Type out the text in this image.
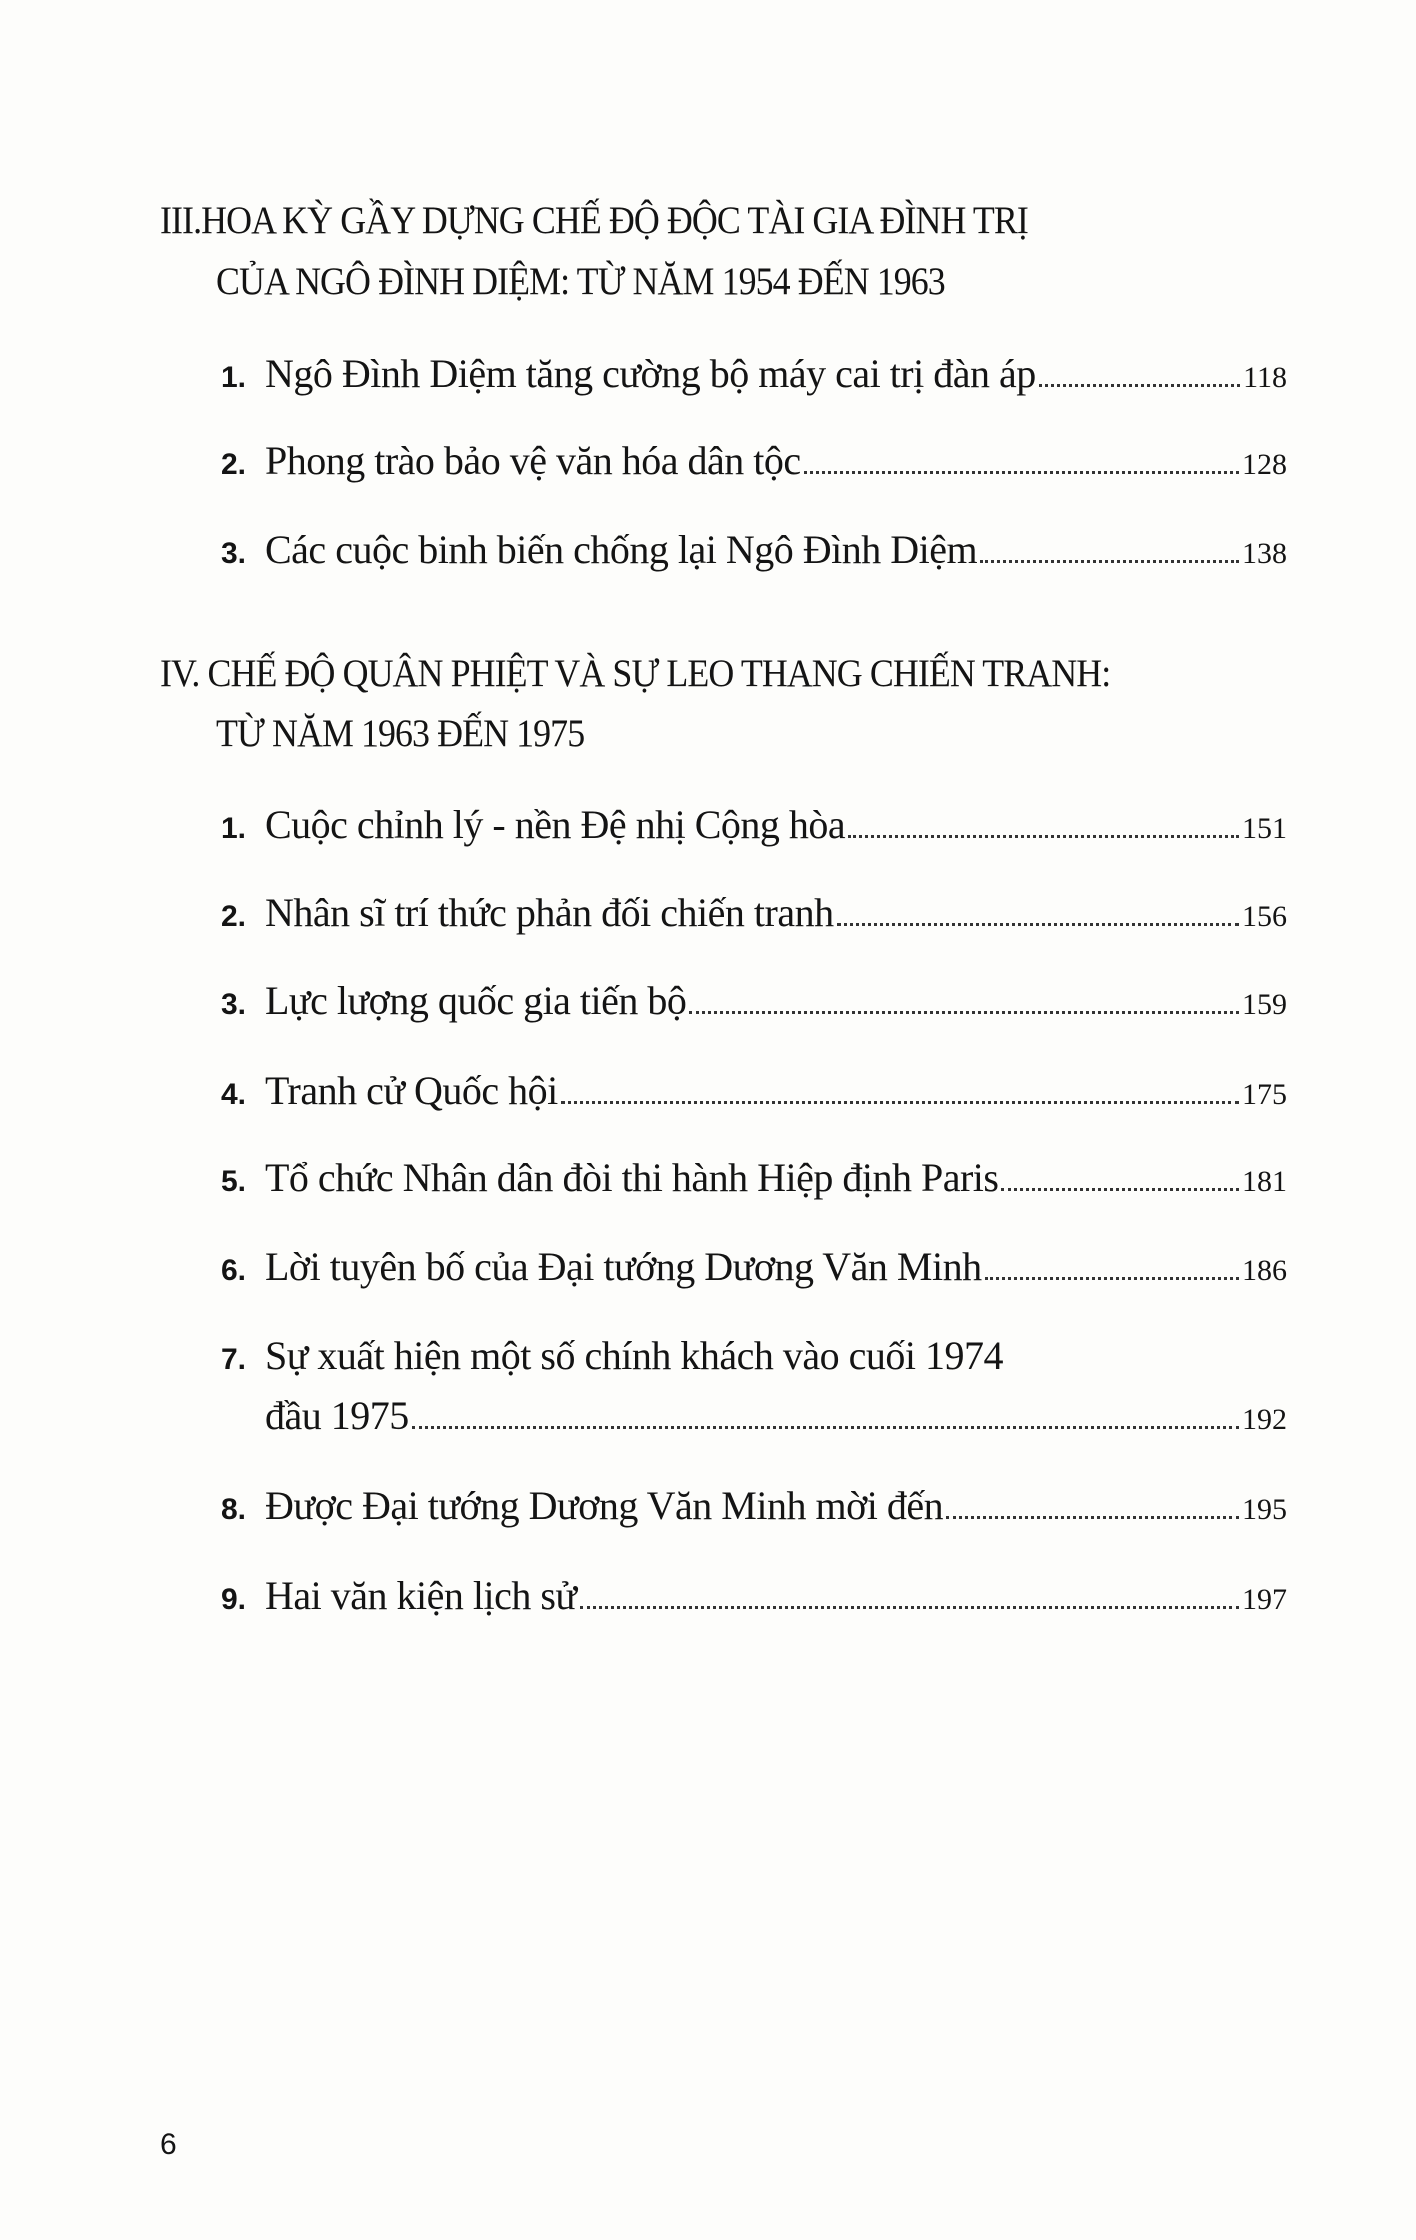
III.HOA KỲ GẦY DỰNG CHẾ ĐỘ ĐỘC TÀI GIA ĐÌNH TRỊ
CỦA NGÔ ĐÌNH DIỆM: TỪ NĂM 1954 ĐẾN 1963
1. Ngô Đình Diệm tăng cường bộ máy cai trị đàn áp	118
2. Phong trào bảo vệ văn hóa dân tộc	128
3. Các cuộc binh biến chống lại Ngô Đình Diệm	138
IV. CHẾ ĐỘ QUÂN PHIỆT VÀ SỰ LEO THANG CHIẾN TRANH:
TỪ NĂM 1963 ĐẾN 1975
1. Cuộc chỉnh lý - nền Đệ nhị Cộng hòa	151
2. Nhân sĩ trí thức phản đối chiến tranh	156
3. Lực lượng quốc gia tiến bộ	159
4. Tranh cử Quốc hội	175
5. Tổ chức Nhân dân đòi thi hành Hiệp định Paris	181
6. Lời tuyên bố của Đại tướng Dương Văn Minh	186
7. Sự xuất hiện một số chính khách vào cuối 1974
đầu 1975	192
8. Được Đại tướng Dương Văn Minh mời đến	195
9. Hai văn kiện lịch sử	197
6
